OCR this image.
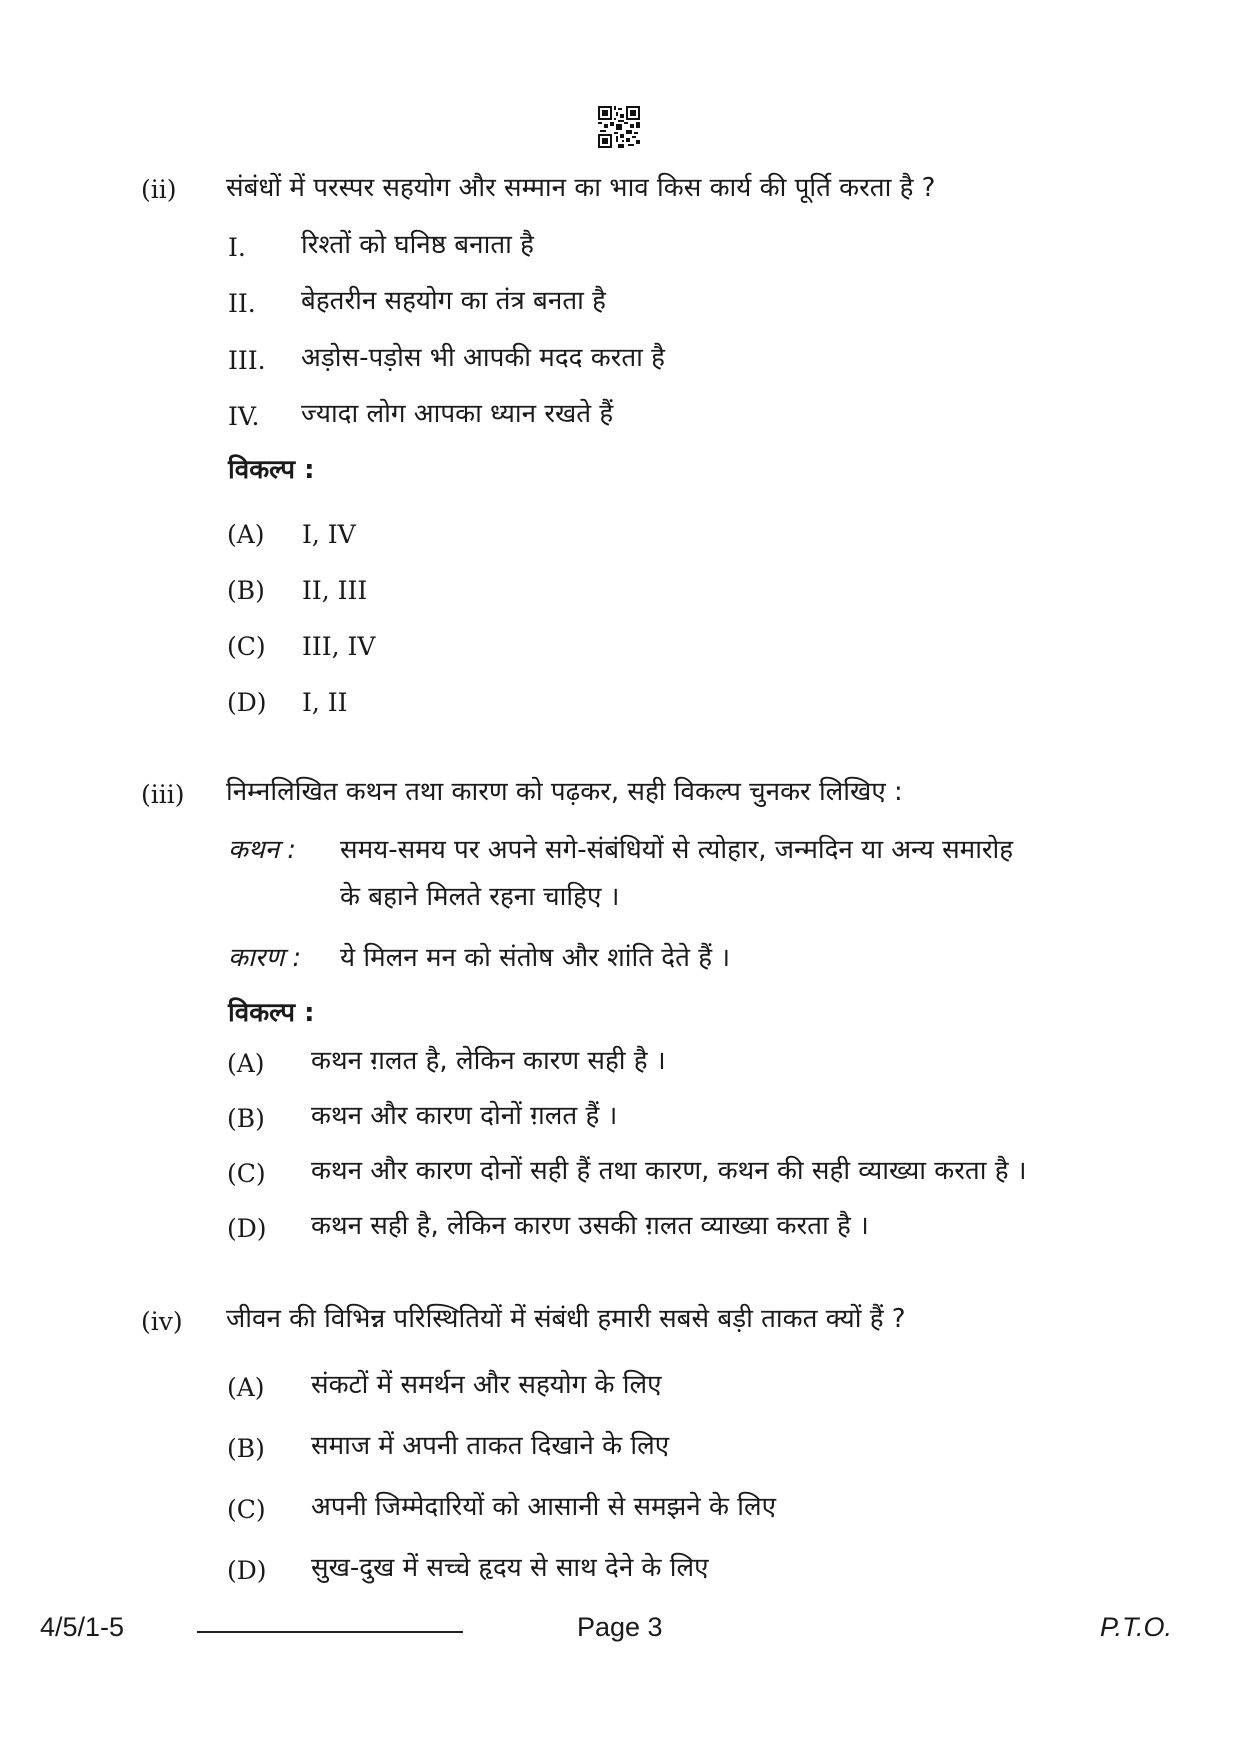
(ii) संबंधों में परस्पर सहयोग और सम्मान का भाव किस कार्य की पूर्ति करता है ?
I. रिश्तों को घनिष्ठ बनाता है
II. बेहतरीन सहयोग का तंत्र बनता है
III. अड़ोस-पड़ोस भी आपकी मदद करता है
IV. ज्यादा लोग आपका ध्यान रखते हैं
विकल्प :
(A) I, IV
(B) II, III
(C) III, IV
(D) I, II
(iii) निम्नलिखित कथन तथा कारण को पढ़कर, सही विकल्प चुनकर लिखिए :
कथन : समय-समय पर अपने सगे-संबंधियों से त्योहार, जन्मदिन या अन्य समारोह
के बहाने मिलते रहना चाहिए ।
कारण : ये मिलन मन को संतोष और शांति देते हैं ।
विकल्प :
(A) कथन ग़लत है, लेकिन कारण सही है ।
(B) कथन और कारण दोनों ग़लत हैं ।
(C) कथन और कारण दोनों सही हैं तथा कारण, कथन की सही व्याख्या करता है ।
(D) कथन सही है, लेकिन कारण उसकी ग़लत व्याख्या करता है ।
(iv) जीवन की विभिन्न परिस्थितियों में संबंधी हमारी सबसे बड़ी ताकत क्यों हैं ?
(A) संकटों में समर्थन और सहयोग के लिए
(B) समाज में अपनी ताकत दिखाने के लिए
(C) अपनी जिम्मेदारियों को आसानी से समझने के लिए
(D) सुख-दुख में सच्चे हृदय से साथ देने के लिए
4/5/1-5	Page 3	P.T.O.
